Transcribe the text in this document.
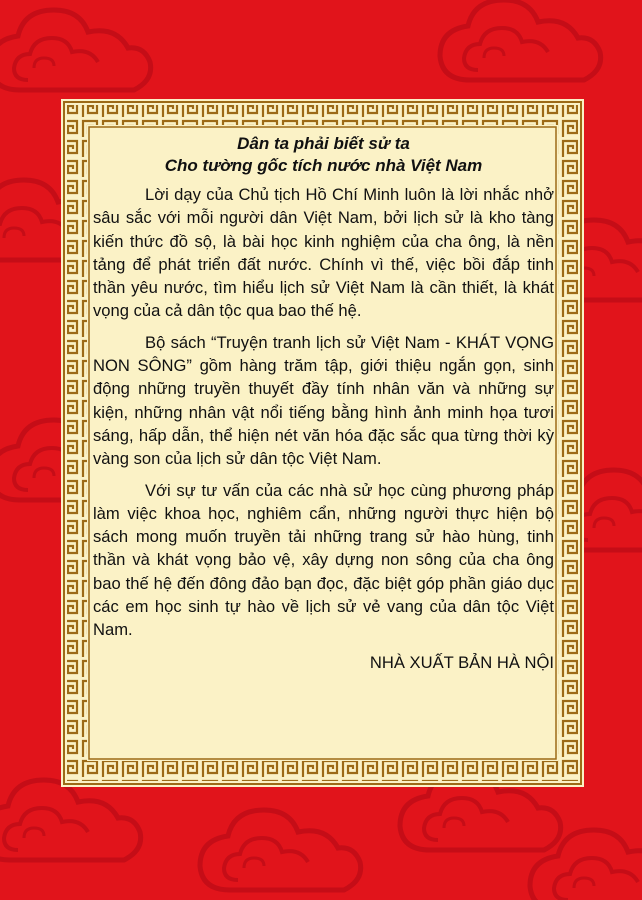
Dân ta phải biết sử ta
Cho tường gốc tích nước nhà Việt Nam

Lời dạy của Chủ tịch Hồ Chí Minh luôn là lời nhắc nhở sâu sắc với mỗi người dân Việt Nam, bởi lịch sử là kho tàng kiến thức đồ sộ, là bài học kinh nghiệm của cha ông, là nền tảng để phát triển đất nước. Chính vì thế, việc bồi đắp tinh thần yêu nước, tìm hiểu lịch sử Việt Nam là cần thiết, là khát vọng của cả dân tộc qua bao thế hệ.

Bộ sách “Truyện tranh lịch sử Việt Nam - KHÁT VỌNG NON SÔNG” gồm hàng trăm tập, giới thiệu ngắn gọn, sinh động những truyền thuyết đầy tính nhân văn và những sự kiện, những nhân vật nổi tiếng bằng hình ảnh minh họa tươi sáng, hấp dẫn, thể hiện nét văn hóa đặc sắc qua từng thời kỳ vàng son của lịch sử dân tộc Việt Nam.

Với sự tư vấn của các nhà sử học cùng phương pháp làm việc khoa học, nghiêm cẩn, những người thực hiện bộ sách mong muốn truyền tải những trang sử hào hùng, tinh thần và khát vọng bảo vệ, xây dựng non sông của cha ông bao thế hệ đến đông đảo bạn đọc, đặc biệt góp phần giáo dục các em học sinh tự hào về lịch sử vẻ vang của dân tộc Việt Nam.

NHÀ XUẤT BẢN HÀ NỘI
